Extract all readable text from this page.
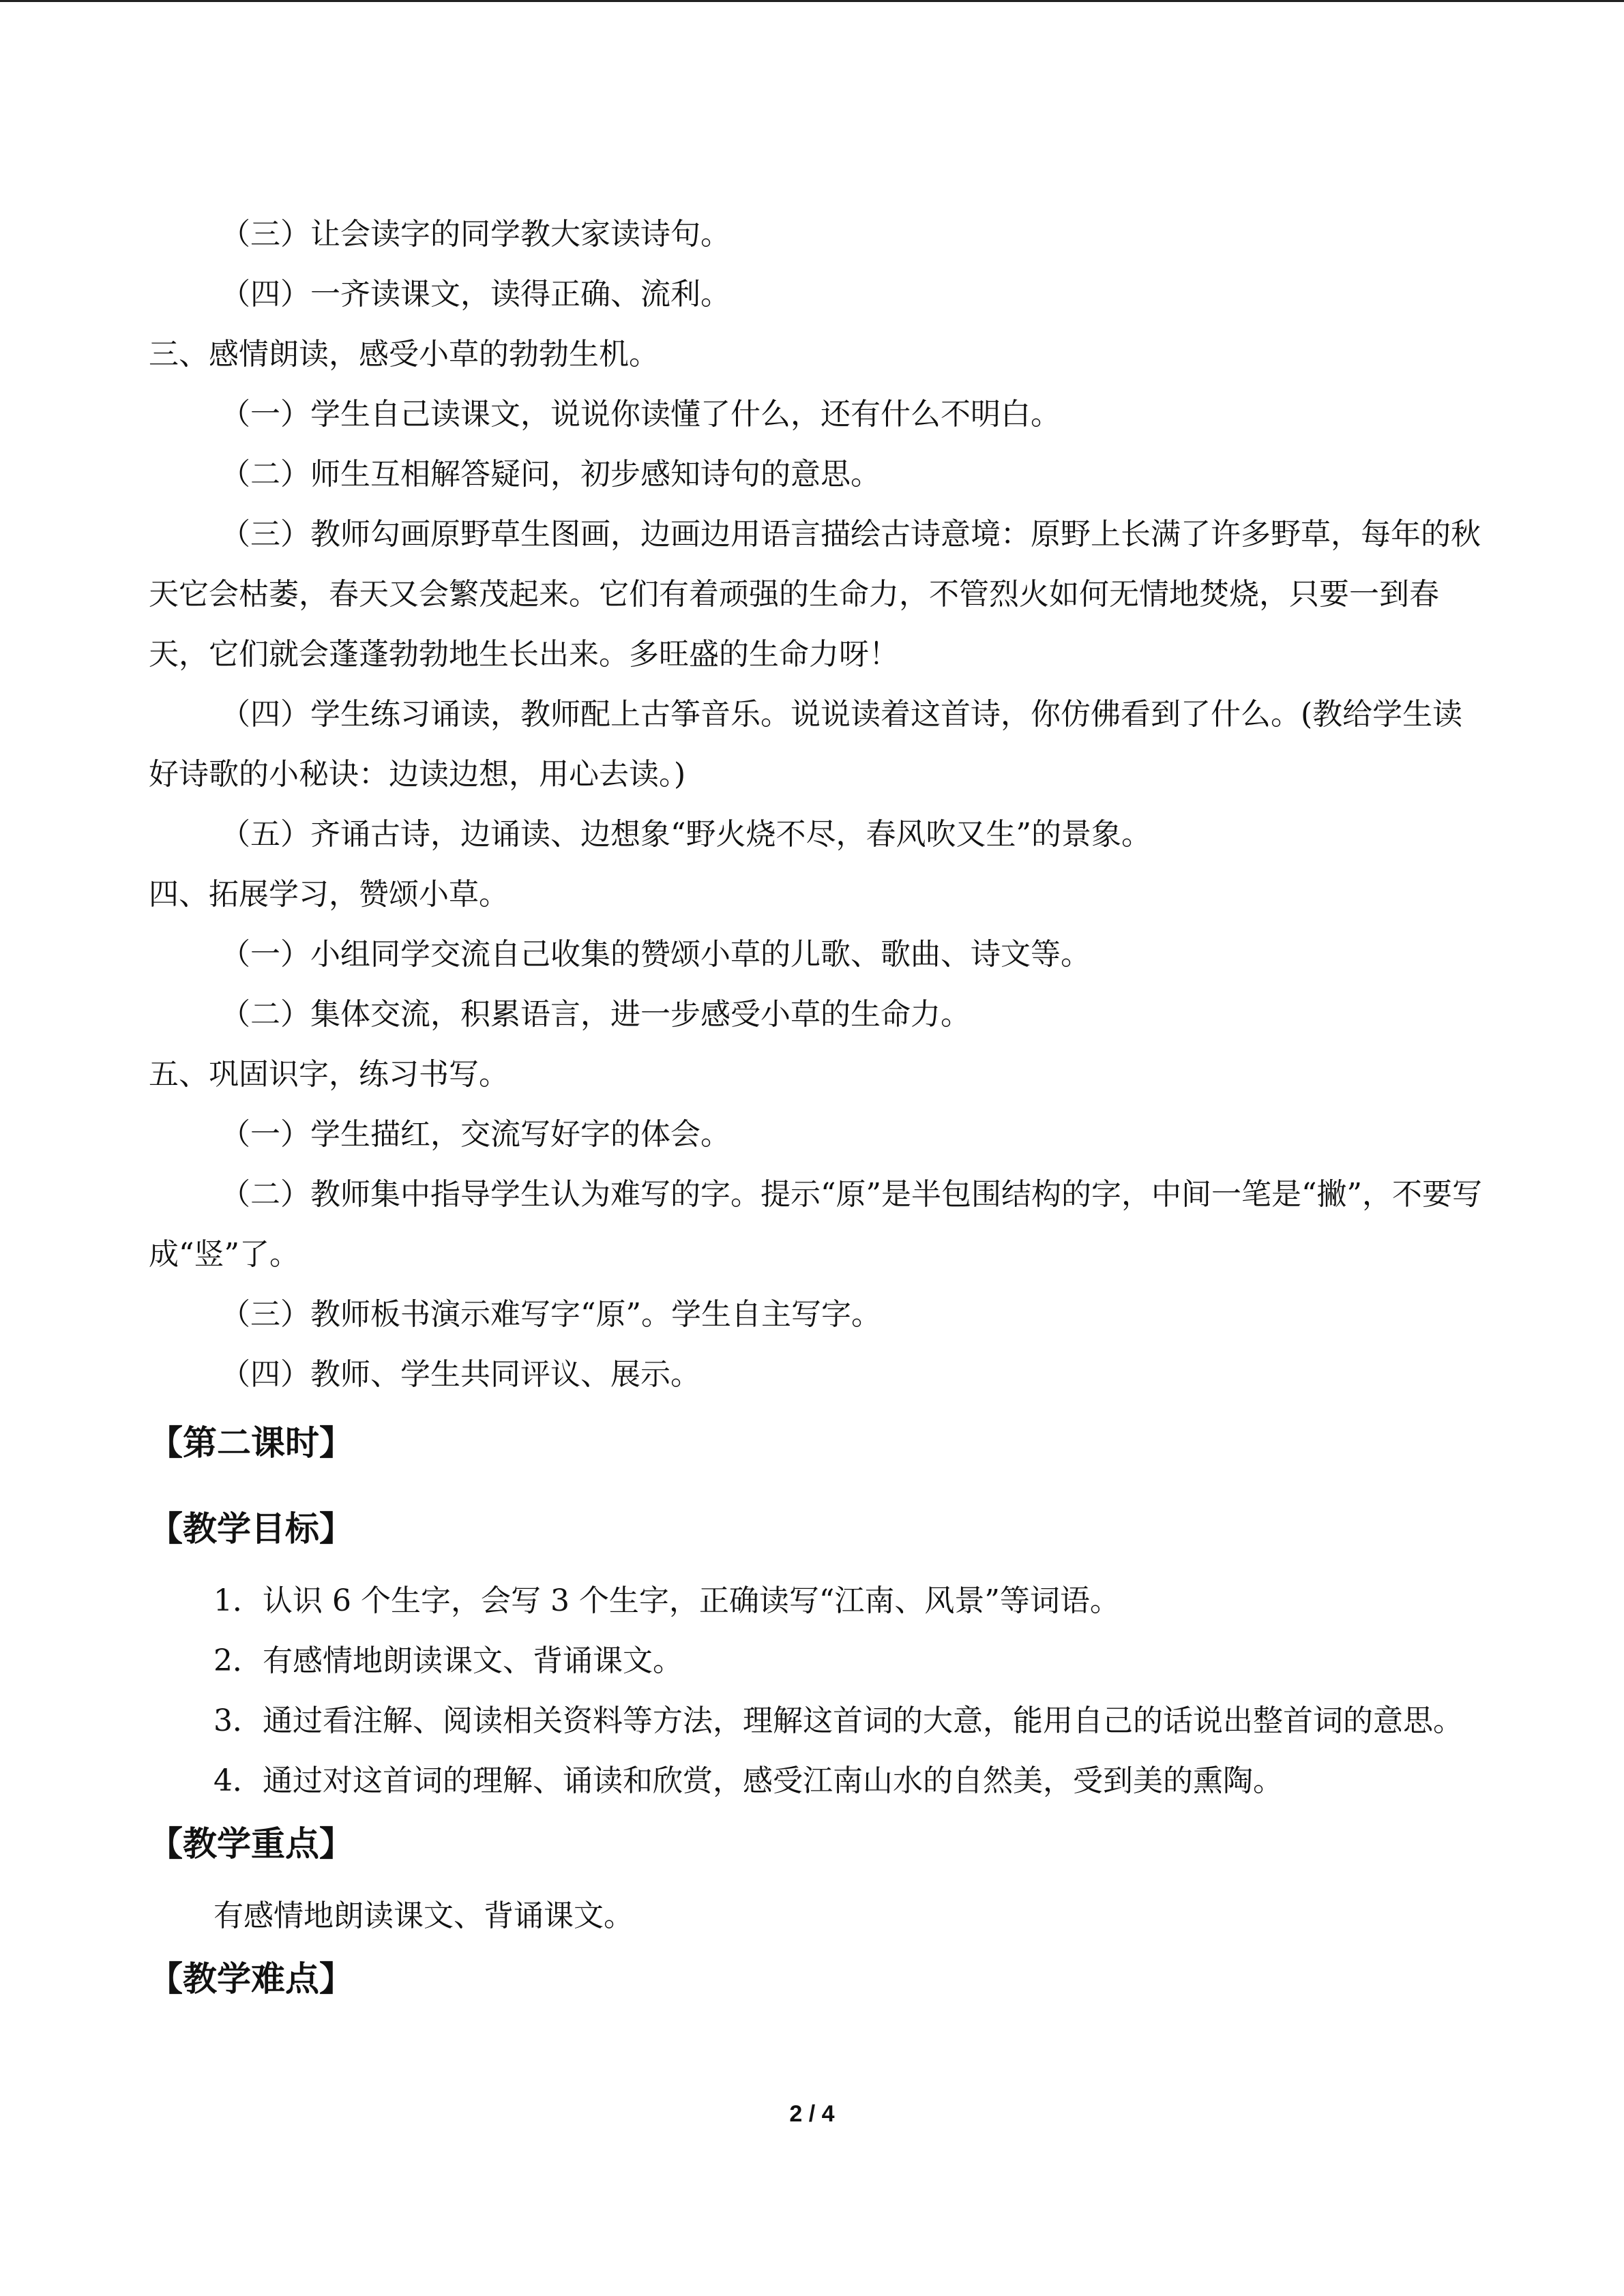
（三）让会读字的同学教大家读诗句。

（四）一齐读课文，读得正确、流利。

三、感情朗读，感受小草的勃勃生机。

（一）学生自己读课文，说说你读懂了什么，还有什么不明白。

（二）师生互相解答疑问，初步感知诗句的意思。

（三）教师勾画原野草生图画，边画边用语言描绘古诗意境：原野上长满了许多野草，每年的秋天它会枯萎，春天又会繁茂起来。它们有着顽强的生命力，不管烈火如何无情地焚烧，只要一到春天，它们就会蓬蓬勃勃地生长出来。多旺盛的生命力呀！

（四）学生练习诵读，教师配上古筝音乐。说说读着这首诗，你仿佛看到了什么。(教给学生读好诗歌的小秘诀：边读边想，用心去读。)

（五）齐诵古诗，边诵读、边想象“野火烧不尽，春风吹又生”的景象。

四、拓展学习，赞颂小草。

（一）小组同学交流自己收集的赞颂小草的儿歌、歌曲、诗文等。

（二）集体交流，积累语言，进一步感受小草的生命力。

五、巩固识字，练习书写。

（一）学生描红，交流写好字的体会。

（二）教师集中指导学生认为难写的字。提示“原”是半包围结构的字，中间一笔是“撇”，不要写成“竖”了。

（三）教师板书演示难写字“原”。学生自主写字。

（四）教师、学生共同评议、展示。

【第二课时】

【教学目标】

1．认识 6 个生字，会写 3 个生字，正确读写“江南、风景”等词语。

2．有感情地朗读课文、背诵课文。

3．通过看注解、阅读相关资料等方法，理解这首词的大意，能用自己的话说出整首词的意思。

4．通过对这首词的理解、诵读和欣赏，感受江南山水的自然美，受到美的熏陶。

【教学重点】

有感情地朗读课文、背诵课文。

【教学难点】

2 / 4
